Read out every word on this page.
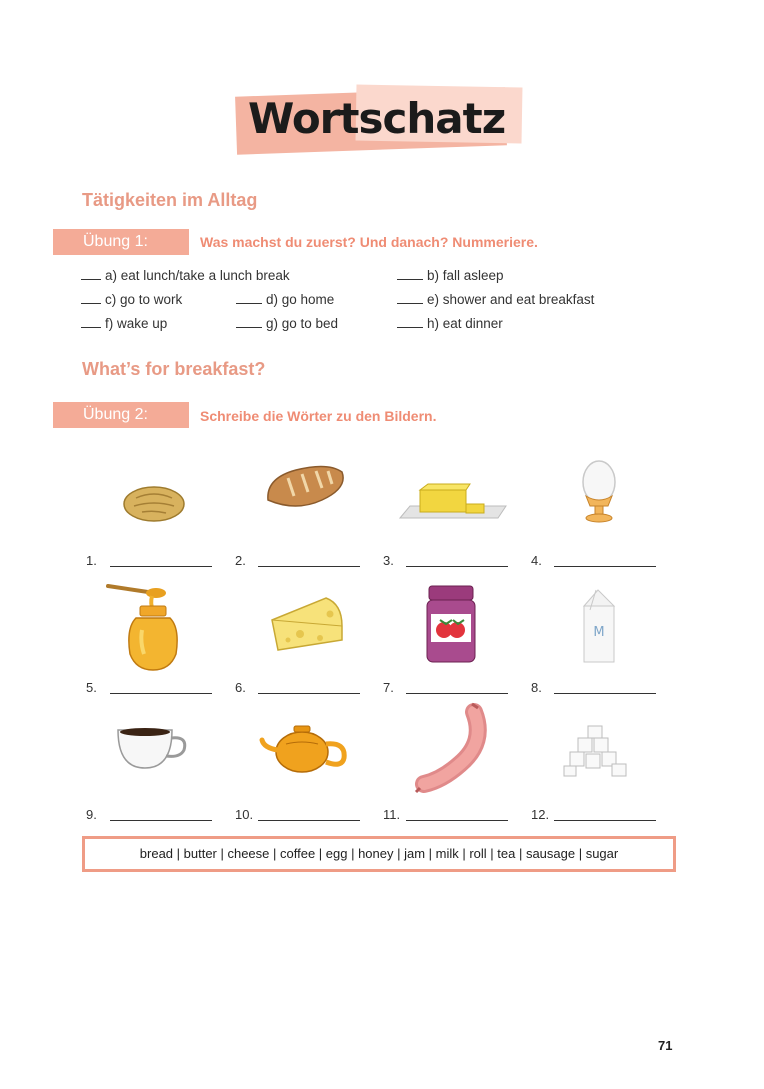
Wortschatz
Tätigkeiten im Alltag
Übung 1:	Was machst du zuerst? Und danach? Nummeriere.
a) eat lunch/take a lunch break	b) fall asleep
c) go to work	d) go home	e) shower and eat breakfast
f) wake up	g) go to bed	h) eat dinner
What’s for breakfast?
Übung 2:	Schreibe die Wörter zu den Bildern.
1.	2.	3.	4.
M
5.	6.	7.	8.
9.	10.	11.	12.
bread | butter | cheese | coffee | egg | honey | jam | milk | roll | tea | sausage | sugar
71
